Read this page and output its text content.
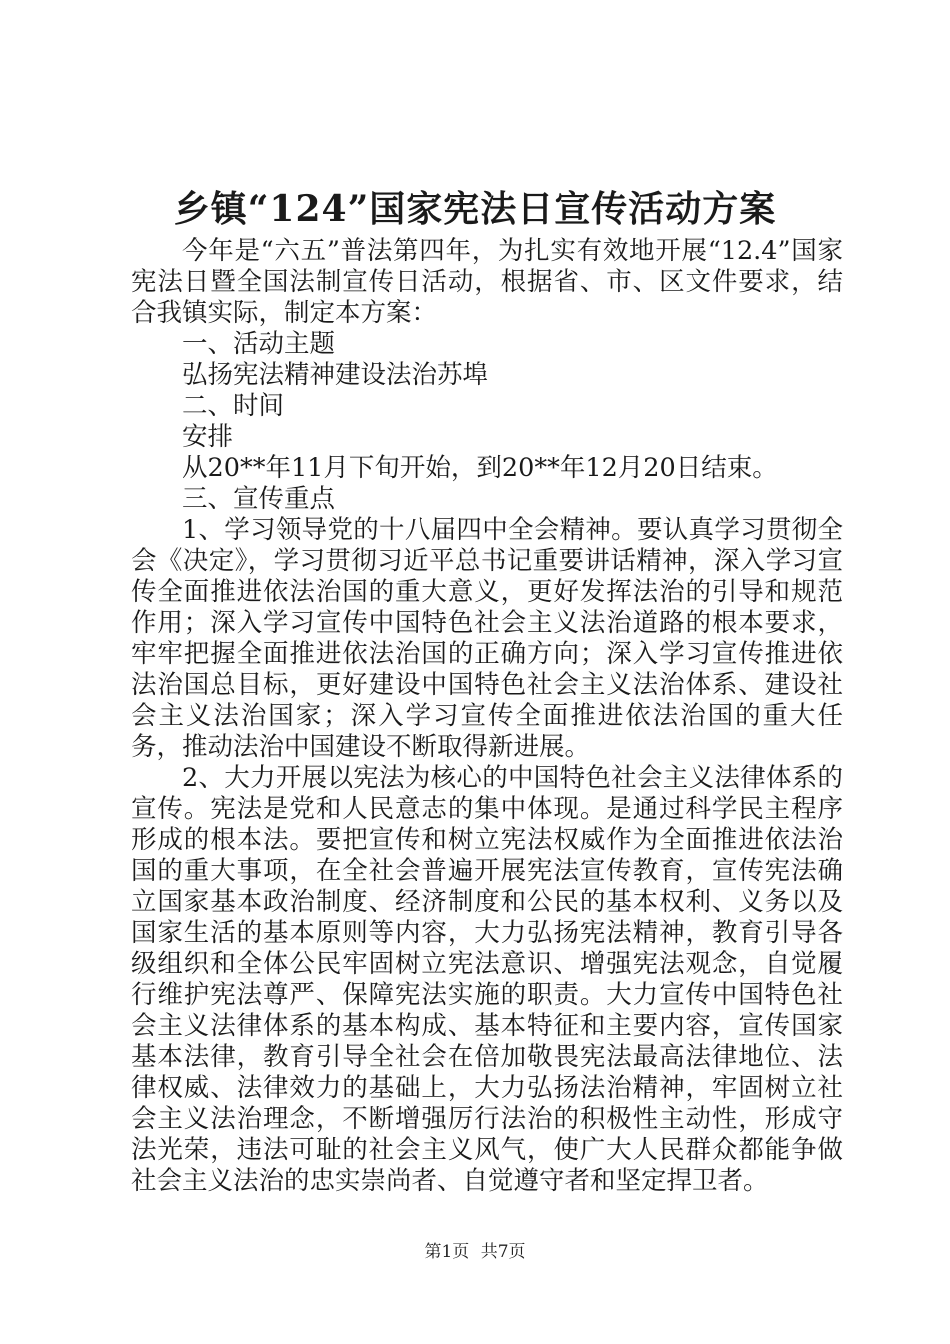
乡镇“124”国家宪法日宣传活动方案

今年是“六五”普法第四年，为扎实有效地开展“12.4”国家宪法日暨全国法制宣传日活动，根据省、市、区文件要求，结合我镇实际，制定本方案：

一、活动主题

弘扬宪法精神建设法治苏埠

二、时间

安排

从20**年11月下旬开始，到20**年12月20日结束。

三、宣传重点

1、学习领导党的十八届四中全会精神。要认真学习贯彻全会《决定》，学习贯彻习近平总书记重要讲话精神，深入学习宣传全面推进依法治国的重大意义，更好发挥法治的引导和规范作用；深入学习宣传中国特色社会主义法治道路的根本要求，牢牢把握全面推进依法治国的正确方向；深入学习宣传推进依法治国总目标，更好建设中国特色社会主义法治体系、建设社会主义法治国家；深入学习宣传全面推进依法治国的重大任务，推动法治中国建设不断取得新进展。

2、大力开展以宪法为核心的中国特色社会主义法律体系的宣传。宪法是党和人民意志的集中体现。是通过科学民主程序形成的根本法。要把宣传和树立宪法权威作为全面推进依法治国的重大事项，在全社会普遍开展宪法宣传教育，宣传宪法确立国家基本政治制度、经济制度和公民的基本权利、义务以及国家生活的基本原则等内容，大力弘扬宪法精神，教育引导各级组织和全体公民牢固树立宪法意识、增强宪法观念，自觉履行维护宪法尊严、保障宪法实施的职责。大力宣传中国特色社会主义法律体系的基本构成、基本特征和主要内容，宣传国家基本法律，教育引导全社会在倍加敬畏宪法最高法律地位、法律权威、法律效力的基础上，大力弘扬法治精神，牢固树立社会主义法治理念，不断增强厉行法治的积极性主动性，形成守法光荣，违法可耻的社会主义风气，使广大人民群众都能争做社会主义法治的忠实崇尚者、自觉遵守者和坚定捍卫者。

第1页 共7页
